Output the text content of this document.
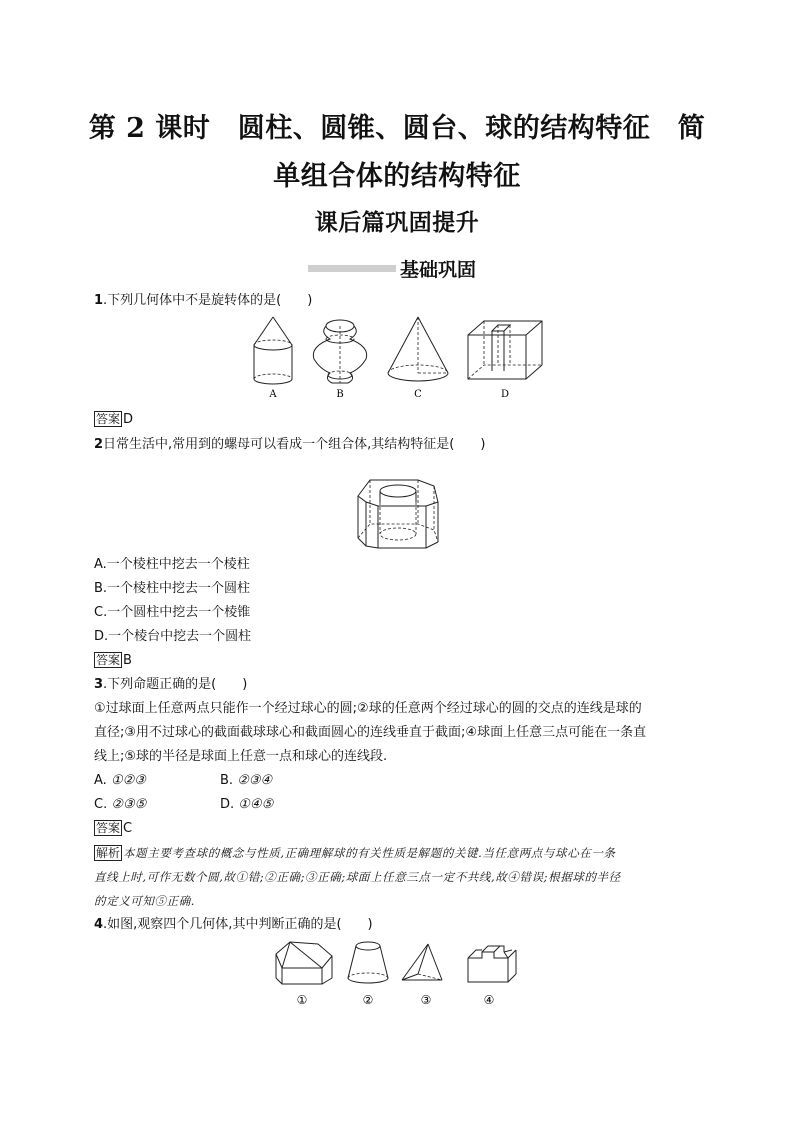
第 2 课时　圆柱、圆锥、圆台、球的结构特征　简
单组合体的结构特征
课后篇巩固提升
基础巩固
1.下列几何体中不是旋转体的是(　　)
A	B	C	D
答案 D
2日常生活中,常用到的螺母可以看成一个组合体,其结构特征是(　　)
A.一个棱柱中挖去一个棱柱
B.一个棱柱中挖去一个圆柱
C.一个圆柱中挖去一个棱锥
D.一个棱台中挖去一个圆柱
答案 B
3.下列命题正确的是(　　)
①过球面上任意两点只能作一个经过球心的圆;②球的任意两个经过球心的圆的交点的连线是球的
直径;③用不过球心的截面截球球心和截面圆心的连线垂直于截面;④球面上任意三点可能在一条直
线上;⑤球的半径是球面上任意一点和球心的连线段.
A. ①②③	B. ②③④
C. ②③⑤	D. ①④⑤
答案 C
解析 本题主要考查球的概念与性质,正确理解球的有关性质是解题的关键.当任意两点与球心在一条
直线上时,可作无数个圆,故①错;②正确;③正确;球面上任意三点一定不共线,故④错误;根据球的半径
的定义可知⑤正确.
4.如图,观察四个几何体,其中判断正确的是(　　)
①	②	③	④
